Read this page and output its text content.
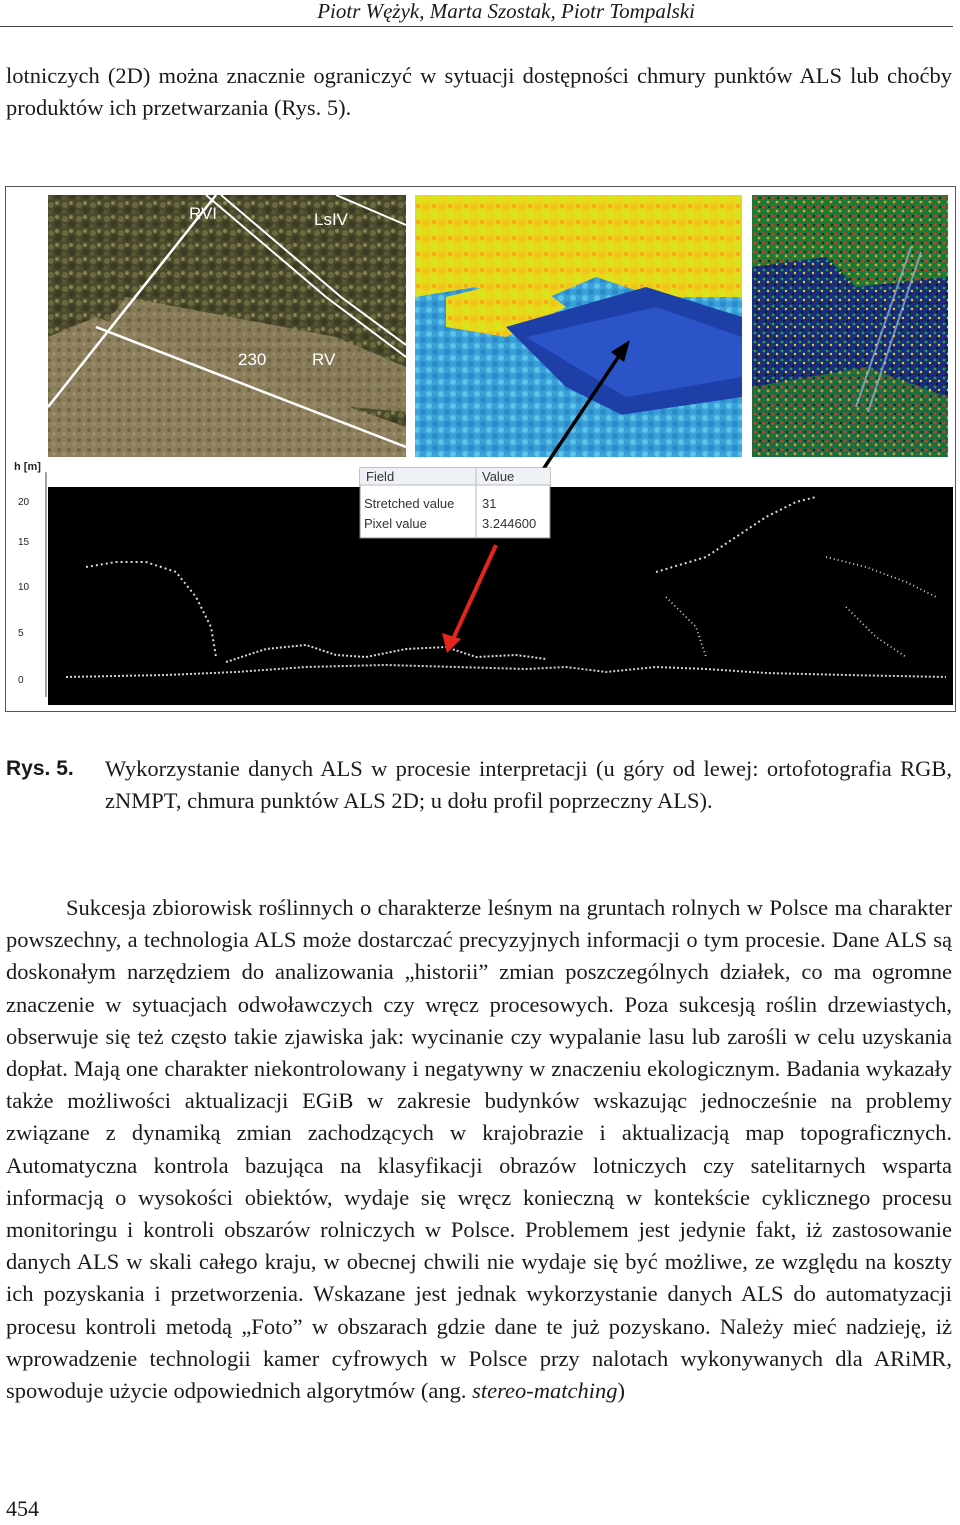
Piotr Wężyk, Marta Szostak, Piotr Tompalski

lotniczych (2D) można znacznie ograniczyć w sytuacji dostępności chmury punktów ALS lub choćby produktów ich przetwarzania (Rys. 5).

RVI	LsIV
230	RV
h [m]
20
15
10
5
0
Field	Value
Stretched value 31
Pixel value	3.244600
Rys. 5. Wykorzystanie danych ALS w procesie interpretacji (u góry od lewej: ortofotografia RGB, zNMPT, chmura punktów ALS 2D; u dołu profil poprzeczny ALS).

Sukcesja zbiorowisk roślinnych o charakterze leśnym na gruntach rolnych w Polsce ma charakter powszechny, a technologia ALS może dostarczać precyzyjnych informacji o tym procesie. Dane ALS są doskonałym narzędziem do analizowania „historii” zmian poszczególnych działek, co ma ogromne znaczenie w sytuacjach odwoławczych czy wręcz procesowych. Poza sukcesją roślin drzewiastych, obserwuje się też często takie zjawiska jak: wycinanie czy wypalanie lasu lub zarośli w celu uzyskania dopłat. Mają one charakter niekontrolowany i negatywny w znaczeniu ekologicznym. Badania wykazały także możliwości aktualizacji EGiB w zakresie budynków wskazując jednocześnie na problemy związane z dynamiką zmian zachodzących w krajobrazie i aktualizacją map topograficznych. Automatyczna kontrola bazująca na klasyfikacji obrazów lotniczych czy satelitarnych wsparta informacją o wysokości obiektów, wydaje się wręcz konieczną w kontekście cyklicznego procesu monitoringu i kontroli obszarów rolniczych w Polsce. Problemem jest jedynie fakt, iż zastosowanie danych ALS w skali całego kraju, w obecnej chwili nie wydaje się być możliwe, ze względu na koszty ich pozyskania i przetworzenia. Wskazane jest jednak wykorzystanie danych ALS do automatyzacji procesu kontroli metodą „Foto” w obszarach gdzie dane te już pozyskano. Należy mieć nadzieję, iż wprowadzenie technologii kamer cyfrowych w Polsce przy nalotach wykonywanych dla ARiMR, spowoduje użycie odpowiednich algorytmów (ang. stereo-matching)

454
